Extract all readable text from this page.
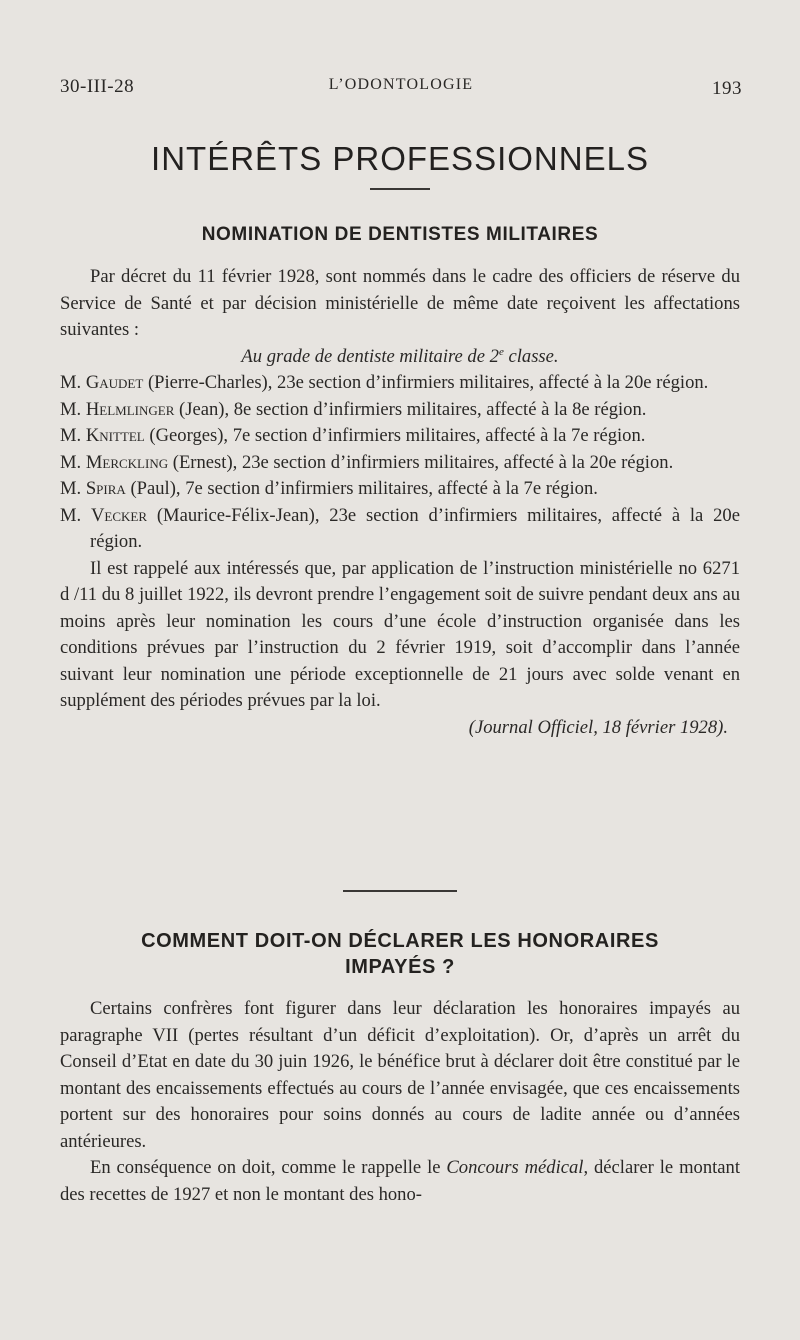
30-III-28	L’ODONTOLOGIE	193
INTÉRÊTS PROFESSIONNELS
NOMINATION DE DENTISTES MILITAIRES

Par décret du 11 février 1928, sont nommés dans le cadre des officiers de réserve du Service de Santé et par décision ministérielle de même date reçoivent les affectations suivantes :

Au grade de dentiste militaire de 2e classe.

M. Gaudet (Pierre-Charles), 23e section d’infirmiers militaires, affecté à la 20e région.

M. Helmlinger (Jean), 8e section d’infirmiers militaires, affecté à la 8e région.

M. Knittel (Georges), 7e section d’infirmiers militaires, affecté à la 7e région.

M. Merckling (Ernest), 23e section d’infirmiers militaires, affecté à la 20e région.

M. Spira (Paul), 7e section d’infirmiers militaires, affecté à la 7e région.

M. Vecker (Maurice-Félix-Jean), 23e section d’infirmiers militaires, affecté à la 20e région.

Il est rappelé aux intéressés que, par application de l’instruction ministérielle no 6271 d /11 du 8 juillet 1922, ils devront prendre l’engagement soit de suivre pendant deux ans au moins après leur nomination les cours d’une école d’instruction organisée dans les conditions prévues par l’instruction du 2 février 1919, soit d’accomplir dans l’année suivant leur nomination une période exceptionnelle de 21 jours avec solde venant en supplément des périodes prévues par la loi.

(Journal Officiel, 18 février 1928).

COMMENT DOIT-ON DÉCLARER LES HONORAIRES
IMPAYÉS ?

Certains confrères font figurer dans leur déclaration les honoraires impayés au paragraphe VII (pertes résultant d’un déficit d’exploitation). Or, d’après un arrêt du Conseil d’Etat en date du 30 juin 1926, le bénéfice brut à déclarer doit être constitué par le montant des encaissements effectués au cours de l’année envisagée, que ces encaissements portent sur des honoraires pour soins donnés au cours de ladite année ou d’années antérieures.

En conséquence on doit, comme le rappelle le Concours médical, déclarer le montant des recettes de 1927 et non le montant des hono-
